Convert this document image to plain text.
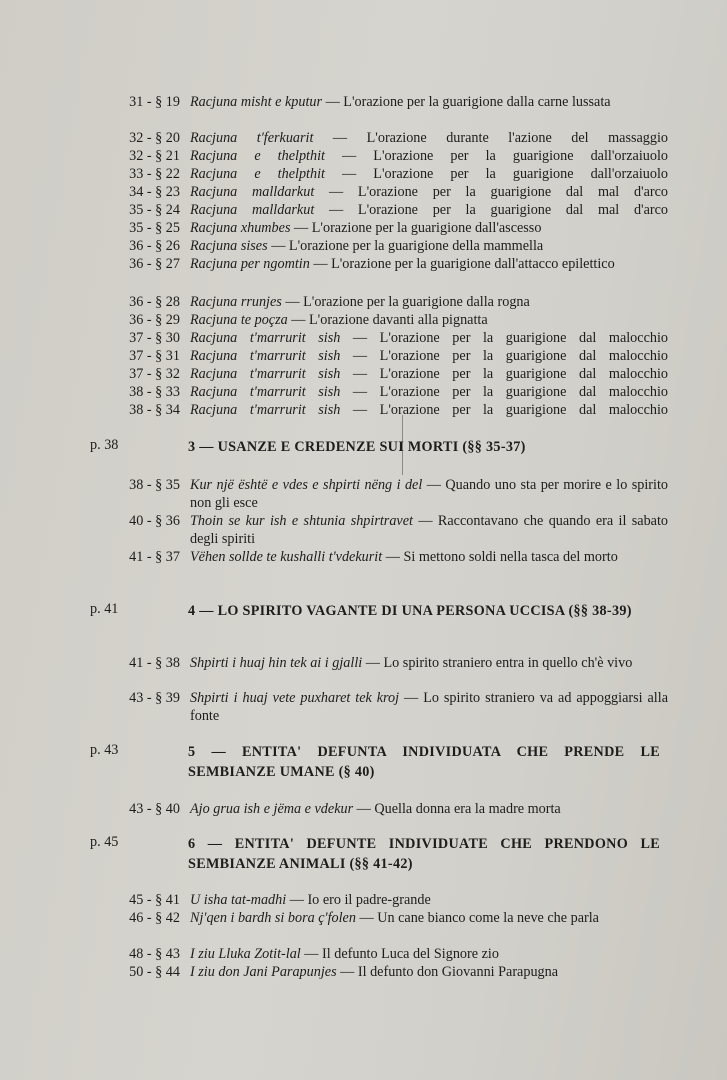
31 - § 19 Racjuna misht e kputur — L'orazione per la guarigione dalla carne lussata
32 - § 20 Racjuna t'ferkuarit — L'orazione durante l'azione del massaggio
32 - § 21 Racjuna e thelpthit — L'orazione per la guarigione dall'orzaiuolo
33 - § 22 Racjuna e thelpthit — L'orazione per la guarigione dall'orzaiuolo
34 - § 23 Racjuna malldarkut — L'orazione per la guarigione dal mal d'arco
35 - § 24 Racjuna malldarkut — L'orazione per la guarigione dal mal d'arco
35 - § 25 Racjuna xhumbes — L'orazione per la guarigione dall'ascesso
36 - § 26 Racjuna sises — L'orazione per la guarigione della mammella
36 - § 27 Racjuna per ngomtin — L'orazione per la guarigione dall'attacco epilettico
36 - § 28 Racjuna rrunjes — L'orazione per la guarigione dalla rogna
36 - § 29 Racjuna te poçza — L'orazione davanti alla pignatta
37 - § 30 Racjuna t'marrurit sish — L'orazione per la guarigione dal malocchio
37 - § 31 Racjuna t'marrurit sish — L'orazione per la guarigione dal malocchio
37 - § 32 Racjuna t'marrurit sish — L'orazione per la guarigione dal malocchio
38 - § 33 Racjuna t'marrurit sish — L'orazione per la guarigione dal malocchio
38 - § 34 Racjuna t'marrurit sish — L'orazione per la guarigione dal malocchio
p. 38	3 — USANZE E CREDENZE SUI MORTI (§§ 35-37)
38 - § 35 Kur një është e vdes e shpirti nëng i del — Quando uno sta per morire e lo spirito non gli esce
40 - § 36 Thoin se kur ish e shtunia shpirtravet — Raccontavano che quando era il sabato degli spiriti
41 - § 37 Vëhen sollde te kushalli t'vdekurit — Si mettono soldi nella tasca del morto
p. 41	4 — LO SPIRITO VAGANTE DI UNA PERSONA UCCISA (§§ 38-39)
41 - § 38 Shpirti i huaj hin tek ai i gjalli — Lo spirito straniero entra in quello ch'è vivo
43 - § 39 Shpirti i huaj vete puxharet tek kroj — Lo spirito straniero va ad appoggiarsi alla fonte
p. 43	5 — ENTITA' DEFUNTA INDIVIDUATA CHE PRENDE LE SEMBIANZE UMANE (§ 40)
43 - § 40 Ajo grua ish e jëma e vdekur — Quella donna era la madre morta
p. 45	6 — ENTITA' DEFUNTE INDIVIDUATE CHE PRENDONO LE SEMBIANZE ANIMALI (§§ 41-42)
45 - § 41 U isha tat-madhi — Io ero il padre-grande
46 - § 42 Nj'qen i bardh si bora ç'folen — Un cane bianco come la neve che parla
48 - § 43 I ziu Lluka Zotit-lal — Il defunto Luca del Signore zio
50 - § 44 I ziu don Jani Parapunjes — Il defunto don Giovanni Parapugna
